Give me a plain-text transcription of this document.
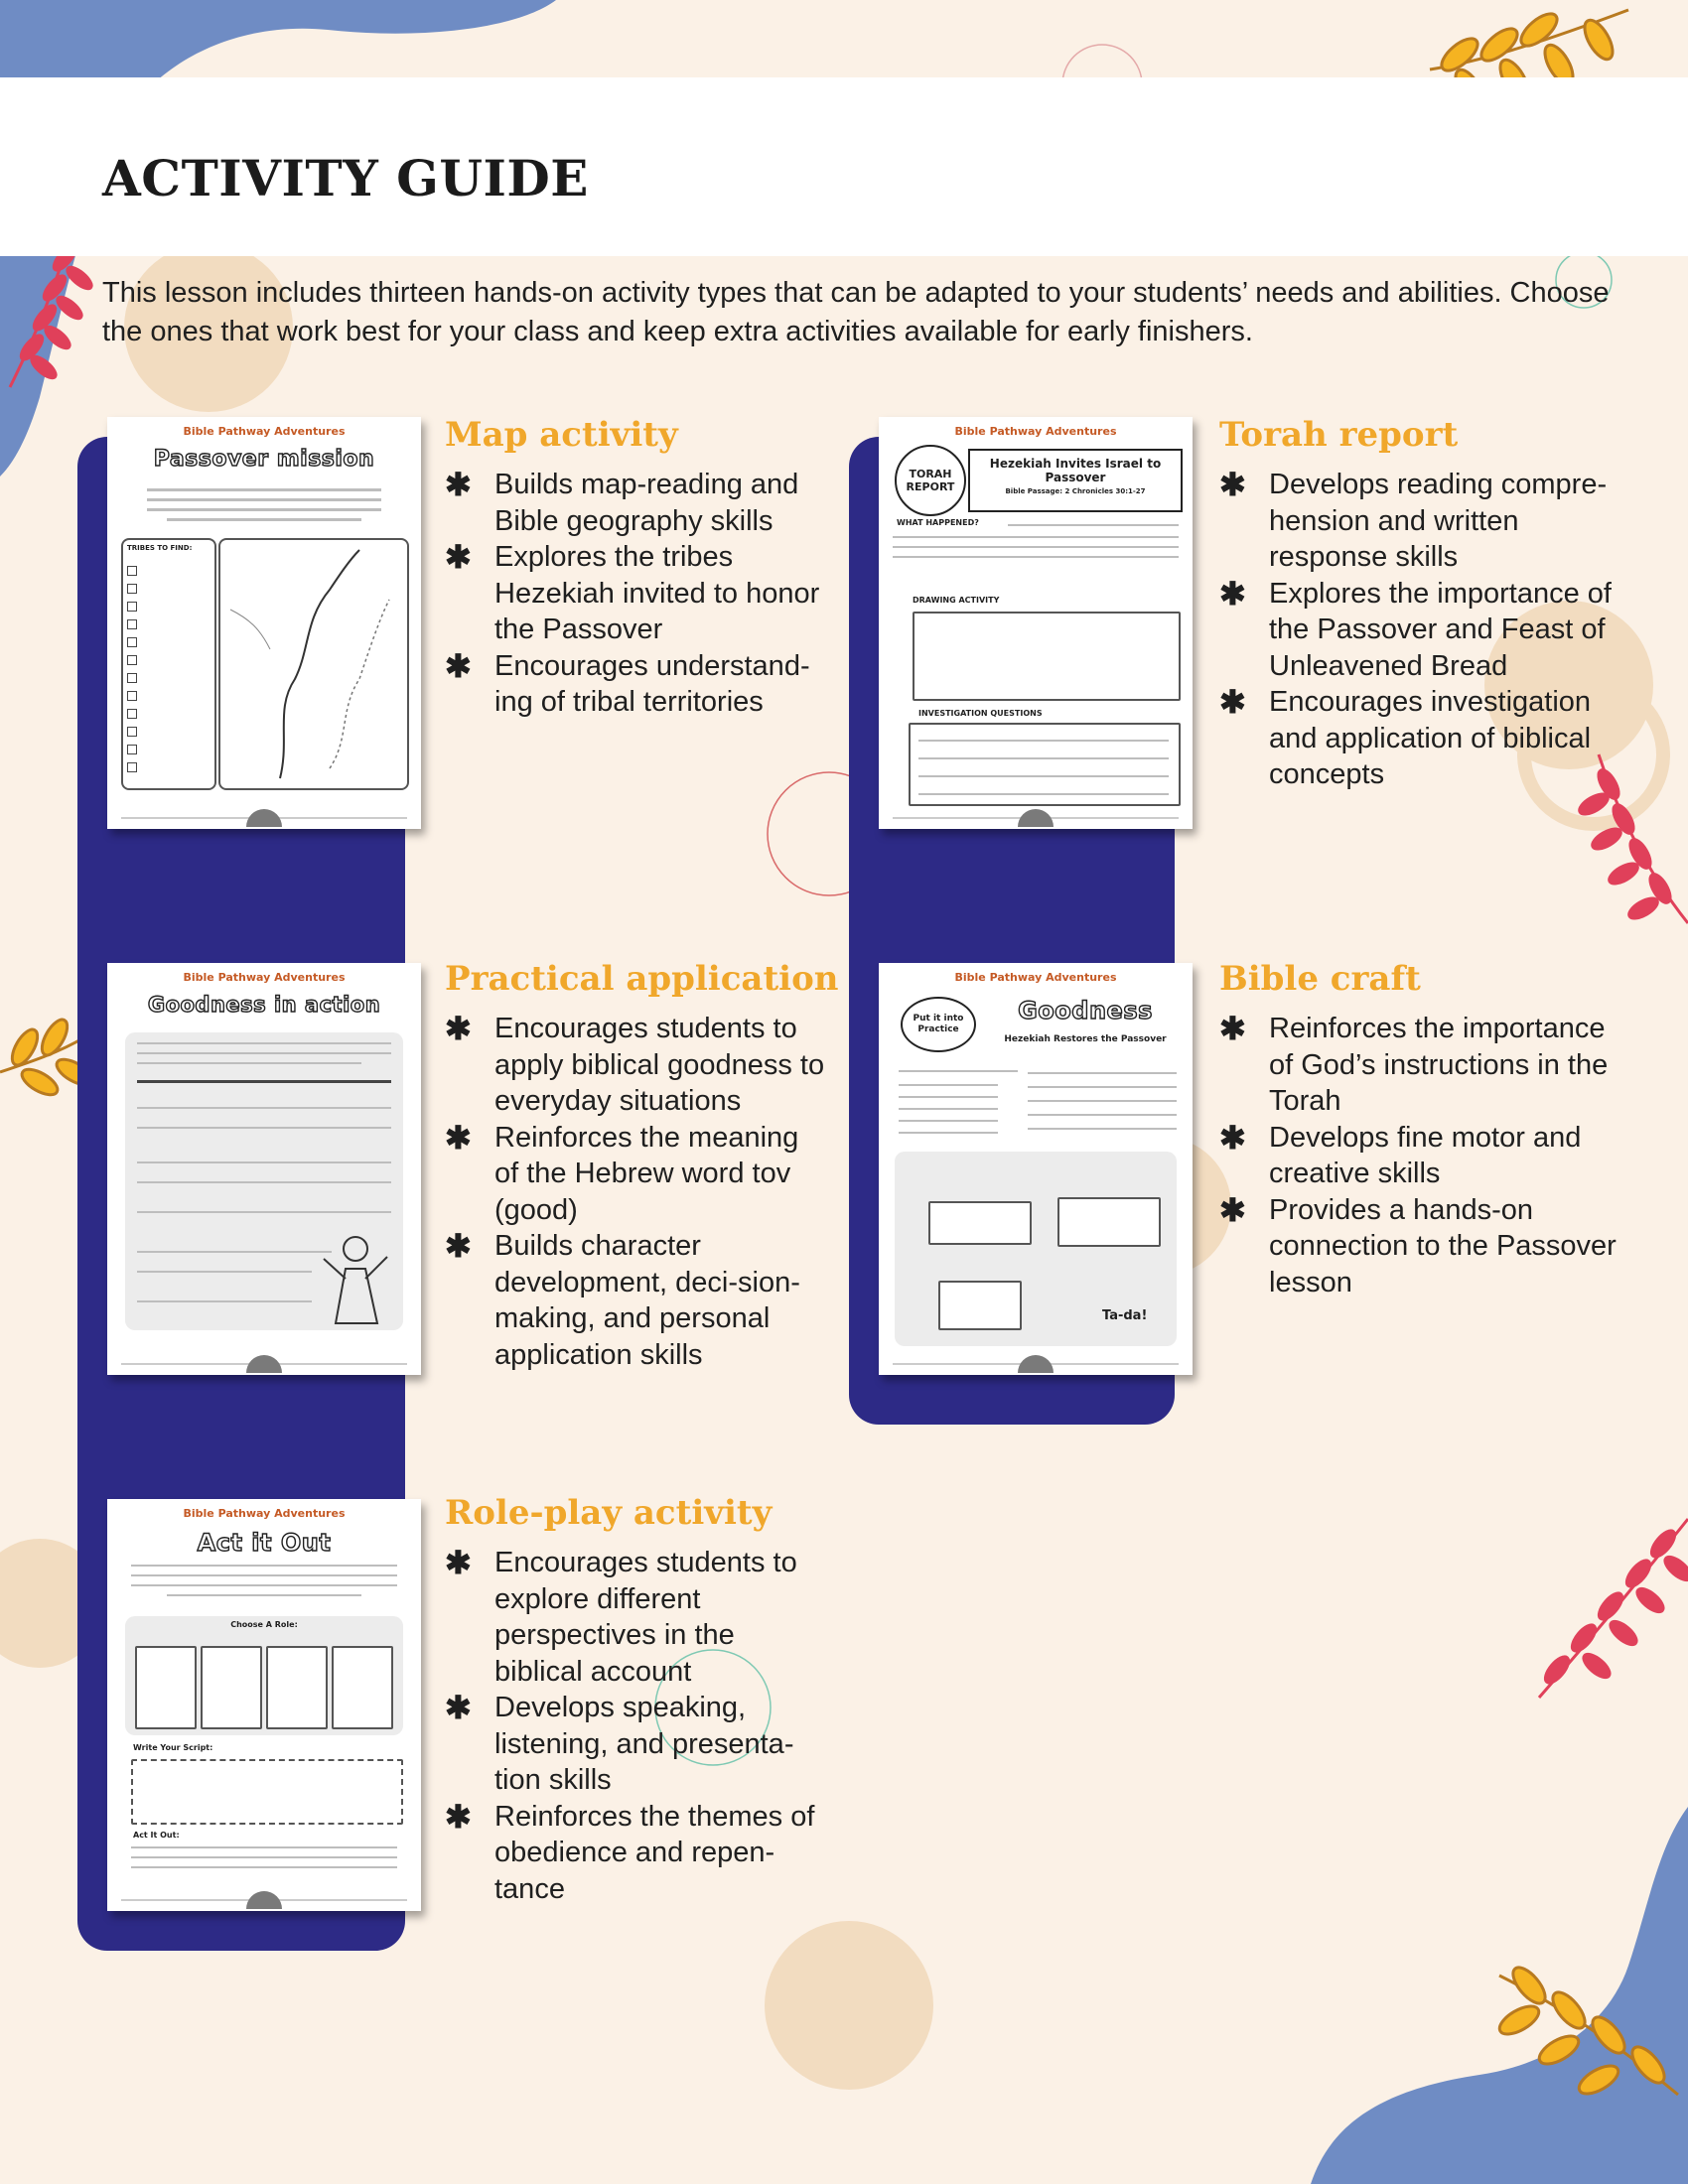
ACTIVITY GUIDE

This lesson includes thirteen hands-on activity types that can be adapted to your students’ needs and abilities. Choose the ones that work best for your class and keep extra activities available for early finishers.

Bible Pathway Adventures
Passover mission
TRIBES TO FIND:
Bible Pathway Adventures
TORAH REPORT
Hezekiah Invites Israel to Passover
Bible Passage: 2 Chronicles 30:1-27
WHAT HAPPENED?
DRAWING ACTIVITY
INVESTIGATION QUESTIONS
Bible Pathway Adventures
Goodness in action
Bible Pathway Adventures
Put it into Practice
Goodness
Hezekiah Restores the Passover
Ta-da!
Bible Pathway Adventures
Act it Out
Choose A Role:
Write Your Script:
Act It Out:
Map activity
✱ Builds map-reading and Bible geography skills
✱ Explores the tribes Hezekiah invited to honor the Passover
✱ Encourages understand-ing of tribal territories
Torah report
✱ Develops reading compre-hension and written response skills
✱ Explores the importance of the Passover and Feast of Unleavened Bread
✱ Encourages investigation and application of biblical concepts
Practical application
✱ Encourages students to apply biblical goodness to everyday situations
✱ Reinforces the meaning of the Hebrew word tov (good)
✱ Builds character development, deci-sion-making, and personal application skills
Bible craft
✱ Reinforces the importance of God’s instructions in the Torah
✱ Develops fine motor and creative skills
✱ Provides a hands-on connection to the Passover lesson
Role-play activity
✱ Encourages students to explore different perspectives in the biblical account
✱ Develops speaking, listening, and presenta-tion skills
✱ Reinforces the themes of obedience and repen-tance
